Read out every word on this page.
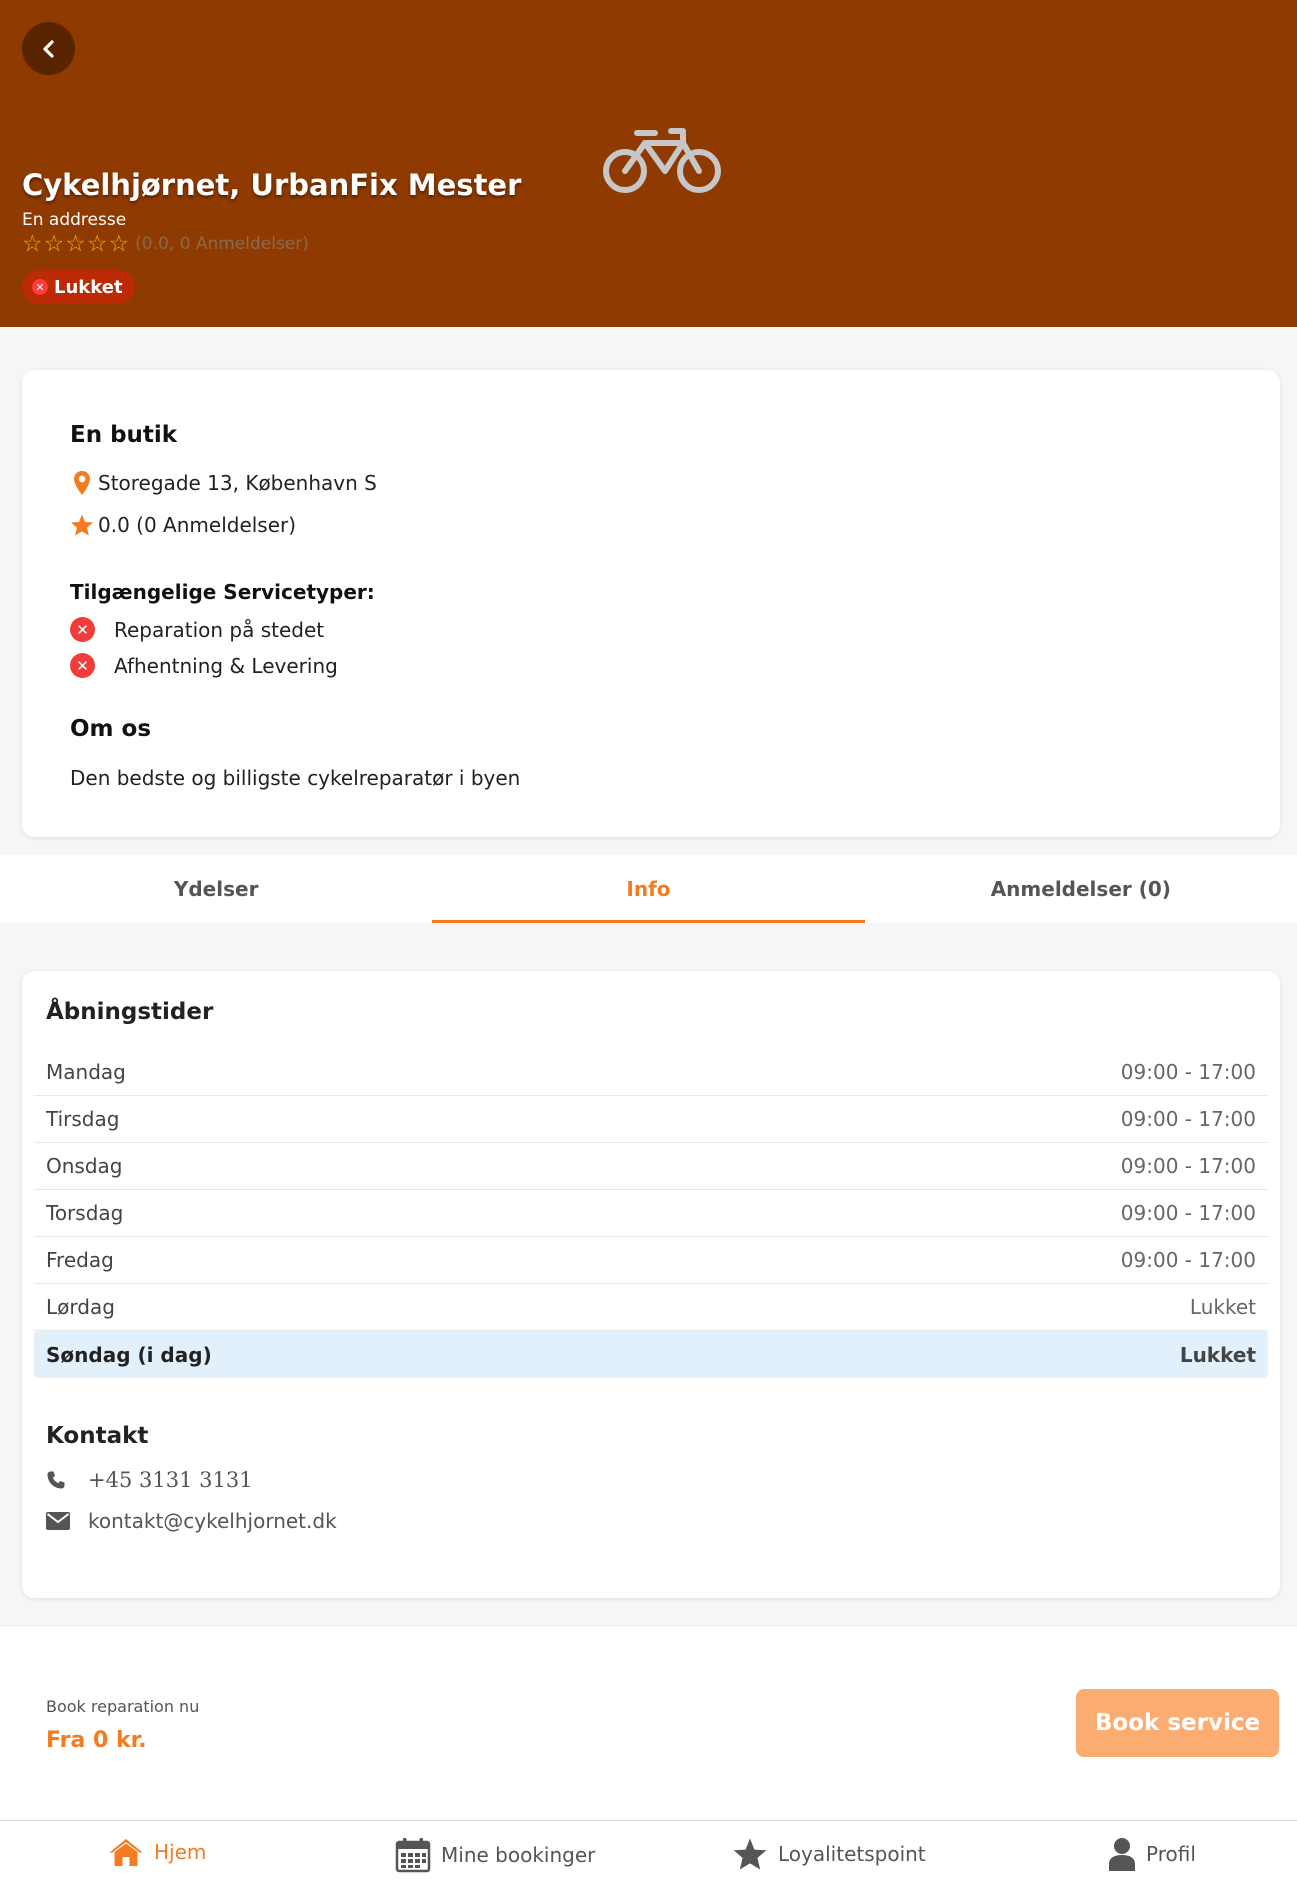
Cykelhjørnet, UrbanFix Mester
En addresse
☆ ☆ ☆ ☆ ☆ (0.0, 0 Anmeldelser)
✕ Lukket
En butik
Storegade 13, København S
0.0 (0 Anmeldelser)
Tilgængelige Servicetyper:
✕	Reparation på stedet
✕	Afhentning & Levering
Om os
Den bedste og billigste cykelreparatør i byen
Ydelser	Info	Anmeldelser (0)
Åbningstider
Mandag	09:00 - 17:00
Tirsdag	09:00 - 17:00
Onsdag	09:00 - 17:00
Torsdag	09:00 - 17:00
Fredag	09:00 - 17:00
Lørdag	Lukket
Søndag (i dag)	Lukket
Kontakt
+45 3131 3131
kontakt@cykelhjornet.dk
Book reparation nu
Fra 0 kr.
Book service
Hjem	Mine bookinger	Loyalitetspoint	Profil
